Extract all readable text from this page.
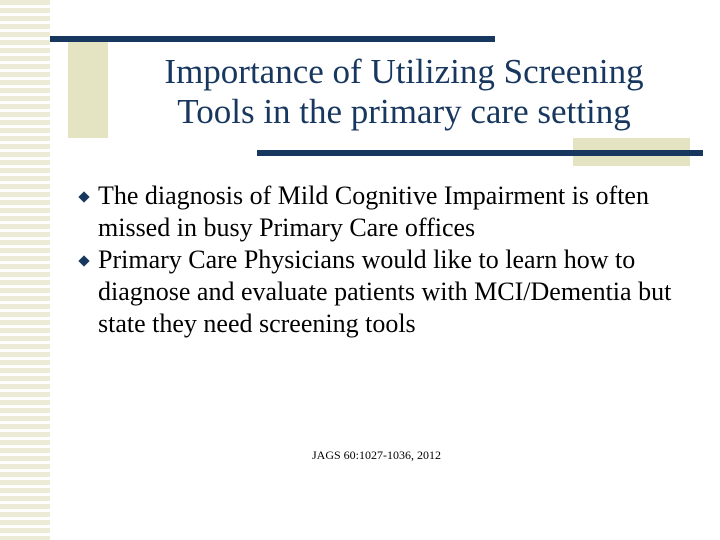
Importance of Utilizing Screening
Tools in the primary care setting
The diagnosis of Mild Cognitive Impairment is often missed in busy Primary Care offices
Primary Care Physicians would like to learn how to diagnose and evaluate patients with MCI/Dementia but state they need screening tools
JAGS 60:1027-1036, 2012
